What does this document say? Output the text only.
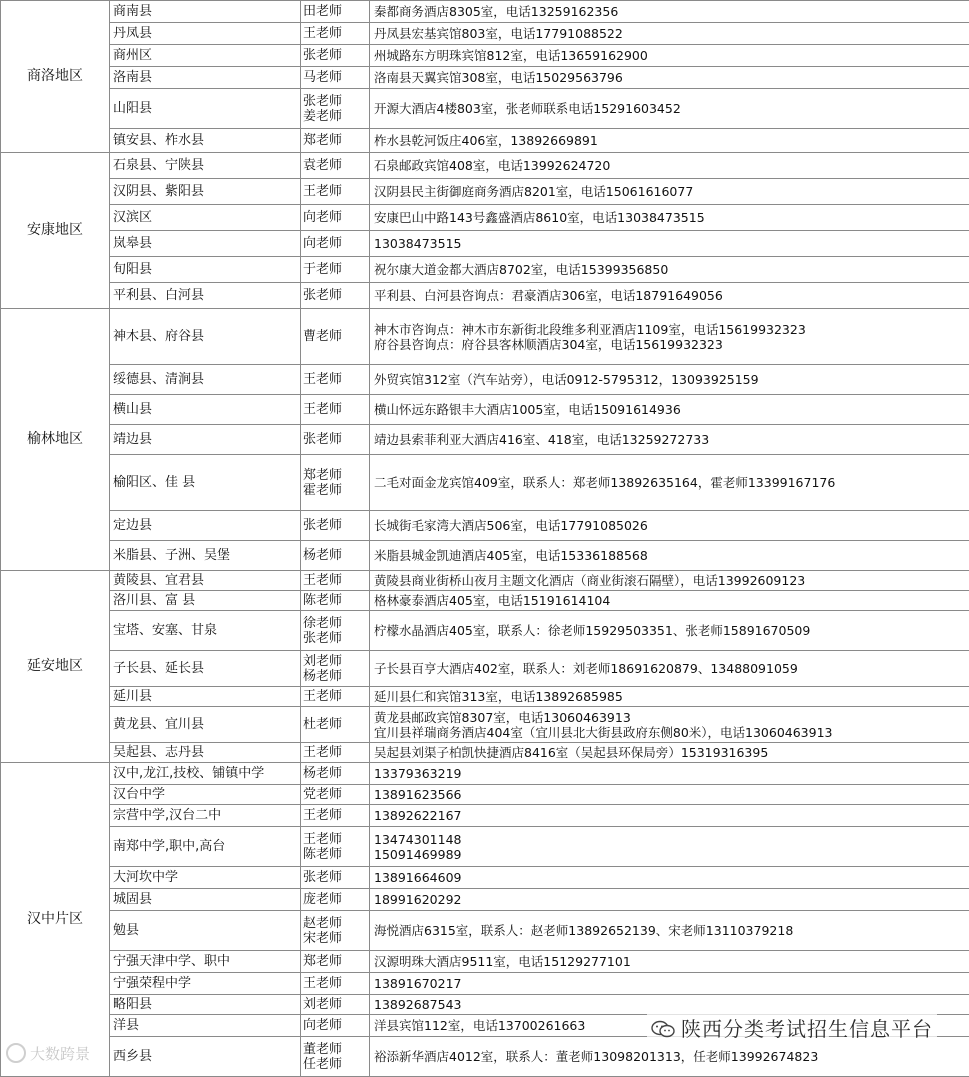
商洛地区	商南县	田老师	秦都商务酒店8305室，电话13259162356

	丹凤县	王老师	丹凤县宏基宾馆803室，电话17791088522

	商州区	张老师	州城路东方明珠宾馆812室，电话13659162900

	洛南县	马老师	洛南县天翼宾馆308室，电话15029563796

	山阳县	张老师
姜老师	开源大酒店4楼803室，张老师联系电话15291603452

	镇安县、柞水县	郑老师	柞水县乾河饭庄406室，13892669891

安康地区	石泉县、宁陕县	袁老师	石泉邮政宾馆408室，电话13992624720

	汉阴县、紫阳县	王老师	汉阴县民主街御庭商务酒店8201室，电话15061616077

	汉滨区	向老师	安康巴山中路143号鑫盛酒店8610室，电话13038473515

	岚皋县	向老师	13038473515

	旬阳县	于老师	祝尔康大道金都大酒店8702室，电话15399356850

	平利县、白河县	张老师	平利县、白河县咨询点：君豪酒店306室，电话18791649056

榆林地区	神木县、府谷县	曹老师	神木市咨询点：神木市东新街北段维多利亚酒店1109室，电话15619932323
府谷县咨询点：府谷县客林顺酒店304室，电话15619932323

	绥德县、清涧县	王老师	外贸宾馆312室（汽车站旁），电话0912-5795312，13093925159

	横山县	王老师	横山怀远东路银丰大酒店1005室，电话15091614936

	靖边县	张老师	靖边县索菲利亚大酒店416室、418室，电话13259272733

	榆阳区、佳 县	郑老师
霍老师	二毛对面金龙宾馆409室，联系人：郑老师13892635164，霍老师13399167176

	定边县	张老师	长城街毛家湾大酒店506室，电话17791085026

	米脂县、子洲、吴堡	杨老师	米脂县城金凯迪酒店405室，电话15336188568

延安地区	黄陵县、宜君县	王老师	黄陵县商业街桥山夜月主题文化酒店（商业街滚石隔壁），电话13992609123

	洛川县、富 县	陈老师	格林豪泰酒店405室，电话15191614104

	宝塔、安塞、甘泉	徐老师
张老师	柠檬水晶酒店405室，联系人：徐老师15929503351、张老师15891670509

	子长县、延长县	刘老师
杨老师	子长县百亨大酒店402室，联系人：刘老师18691620879、13488091059

	延川县	王老师	延川县仁和宾馆313室，电话13892685985

	黄龙县、宜川县	杜老师	黄龙县邮政宾馆8307室，电话13060463913
宜川县祥瑞商务酒店404室（宜川县北大街县政府东侧80米），电话13060463913

	吴起县、志丹县	王老师	吴起县刘渠子柏凯快捷酒店8416室（吴起县环保局旁）15319316395

汉中片区	汉中,龙江,技校、铺镇中学	杨老师	13379363219

	汉台中学	党老师	13891623566

	宗营中学,汉台二中	王老师	13892622167

	南郑中学,职中,高台	王老师
陈老师	13474301148
15091469989

	大河坎中学	张老师	13891664609

	城固县	庞老师	18991620292

	勉县	赵老师
宋老师	海悦酒店6315室，联系人：赵老师13892652139、宋老师13110379218

	宁强天津中学、职中	郑老师	汉源明珠大酒店9511室，电话15129277101

	宁强荣程中学	王老师	13891670217

	略阳县	刘老师	13892687543

	洋县	向老师	洋县宾馆112室，电话13700261663

	西乡县	董老师
任老师	裕添新华酒店4012室，联系人：董老师13098201313，任老师13992674823
陕西分类考试招生信息平台
大数跨景
